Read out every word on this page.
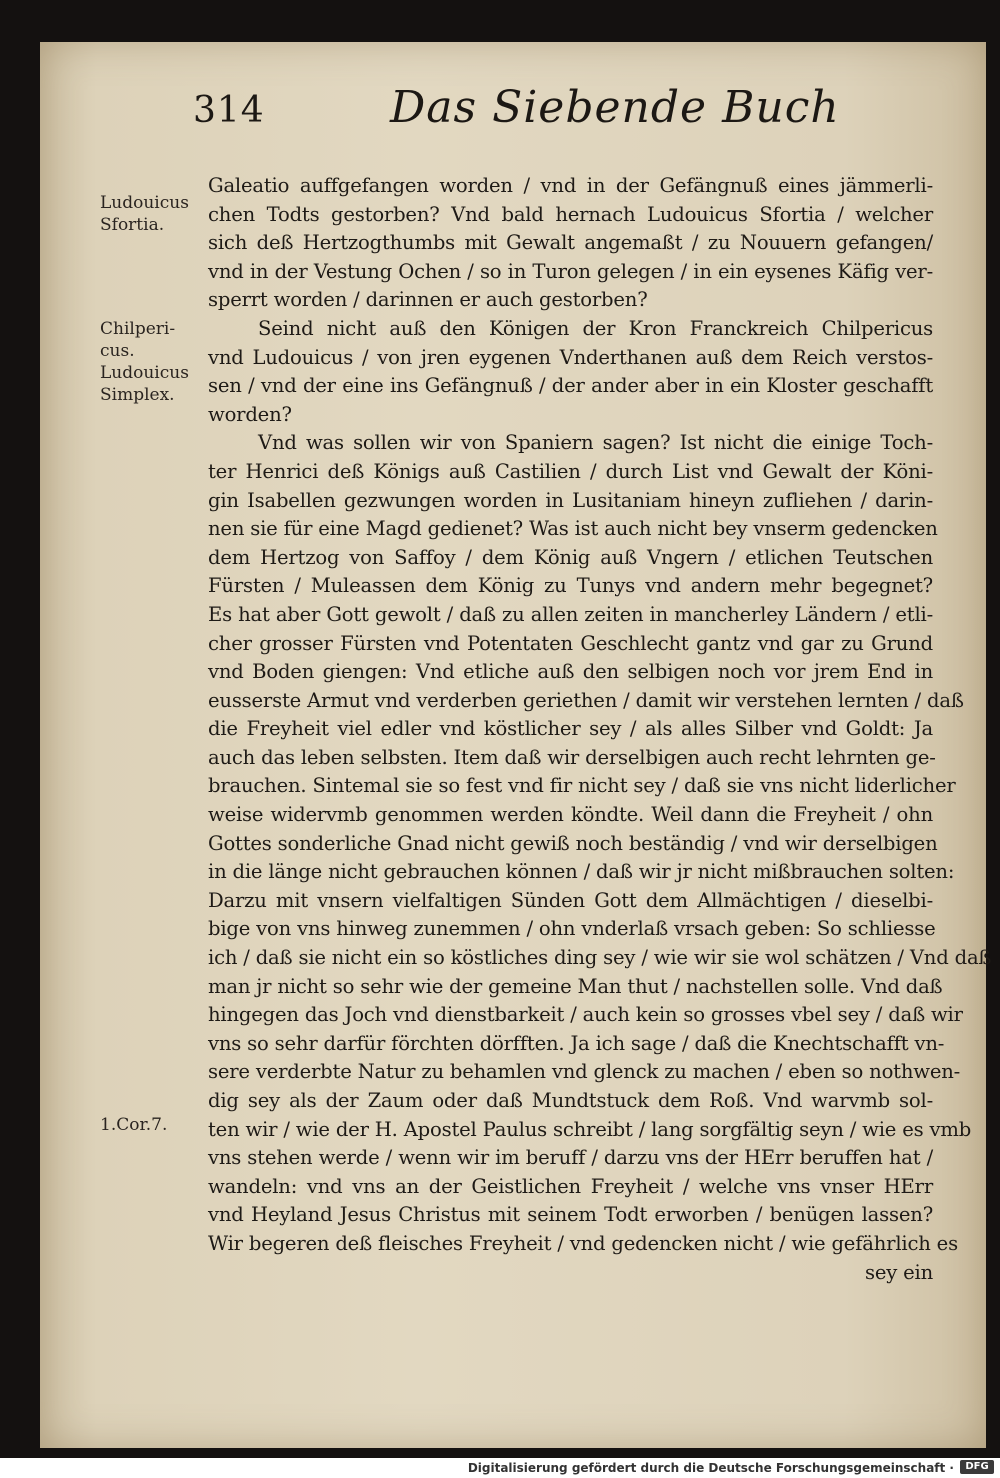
314	Das Siebende Buch
Ludouicus
Sfortia.
Chilperi-
cus.
Ludouicus
Simplex.
1.Cor.7.
Galeatio auffgefangen worden / vnd in der Gefängnuß eines jämmerli-
chen Todts gestorben? Vnd bald hernach Ludouicus Sfortia / welcher
sich deß Hertzogthumbs mit Gewalt angemaßt / zu Nouuern gefangen/
vnd in der Vestung Ochen / so in Turon gelegen / in ein eysenes Käfig ver-
sperrt worden / darinnen er auch gestorben?
Seind nicht auß den Königen der Kron Franckreich Chilpericus
vnd Ludouicus / von jren eygenen Vnderthanen auß dem Reich verstos-
sen / vnd der eine ins Gefängnuß / der ander aber in ein Kloster geschafft
worden?
Vnd was sollen wir von Spaniern sagen? Ist nicht die einige Toch-
ter Henrici deß Königs auß Castilien / durch List vnd Gewalt der Köni-
gin Isabellen gezwungen worden in Lusitaniam hineyn zufliehen / darin-
nen sie für eine Magd gedienet? Was ist auch nicht bey vnserm gedencken
dem Hertzog von Saffoy / dem König auß Vngern / etlichen Teutschen
Fürsten / Muleassen dem König zu Tunys vnd andern mehr begegnet?
Es hat aber Gott gewolt / daß zu allen zeiten in mancherley Ländern / etli-
cher grosser Fürsten vnd Potentaten Geschlecht gantz vnd gar zu Grund
vnd Boden giengen: Vnd etliche auß den selbigen noch vor jrem End in
eusserste Armut vnd verderben geriethen / damit wir verstehen lernten / daß
die Freyheit viel edler vnd köstlicher sey / als alles Silber vnd Goldt: Ja
auch das leben selbsten. Item daß wir derselbigen auch recht lehrnten ge-
brauchen. Sintemal sie so fest vnd fir nicht sey / daß sie vns nicht liderlicher
weise widervmb genommen werden köndte. Weil dann die Freyheit / ohn
Gottes sonderliche Gnad nicht gewiß noch beständig / vnd wir derselbigen
in die länge nicht gebrauchen können / daß wir jr nicht mißbrauchen solten:
Darzu mit vnsern vielfaltigen Sünden Gott dem Allmächtigen / dieselbi-
bige von vns hinweg zunemmen / ohn vnderlaß vrsach geben: So schliesse
ich / daß sie nicht ein so köstliches ding sey / wie wir sie wol schätzen / Vnd daß
man jr nicht so sehr wie der gemeine Man thut / nachstellen solle. Vnd daß
hingegen das Joch vnd dienstbarkeit / auch kein so grosses vbel sey / daß wir
vns so sehr darfür förchten dörfften. Ja ich sage / daß die Knechtschafft vn-
sere verderbte Natur zu behamlen vnd glenck zu machen / eben so nothwen-
dig sey als der Zaum oder daß Mundtstuck dem Roß. Vnd warvmb sol-
ten wir / wie der H. Apostel Paulus schreibt / lang sorgfältig seyn / wie es vmb
vns stehen werde / wenn wir im beruff / darzu vns der HErr beruffen hat /
wandeln: vnd vns an der Geistlichen Freyheit / welche vns vnser HErr
vnd Heyland Jesus Christus mit seinem Todt erworben / benügen lassen?
Wir begeren deß fleisches Freyheit / vnd gedencken nicht / wie gefährlich es
sey ein
Digitalisierung gefördert durch die Deutsche Forschungsgemeinschaft ·	DFG
